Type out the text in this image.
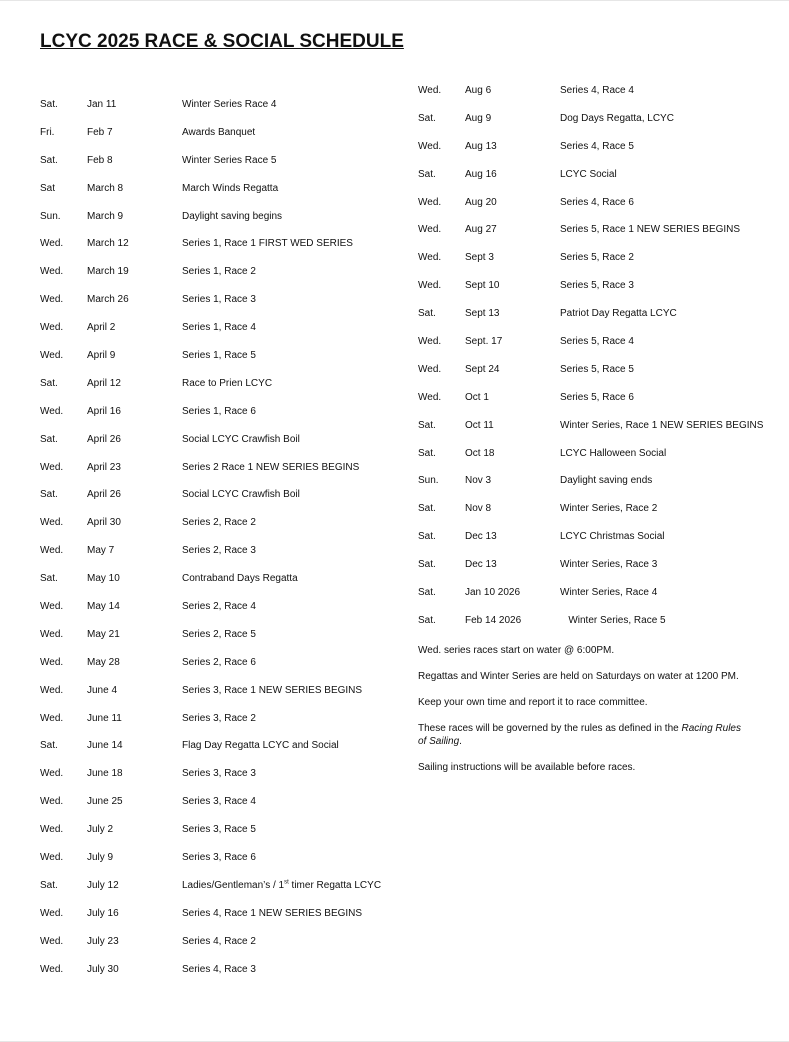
LCYC 2025 RACE & SOCIAL SCHEDULE
Sat.	Jan 11	Winter Series Race 4
Fri.	Feb 7	Awards Banquet
Sat.	Feb 8	Winter Series Race 5
Sat	March 8	March Winds Regatta
Sun.	March 9	Daylight saving begins
Wed. March 12	Series 1, Race 1 FIRST WED SERIES
Wed. March 19	Series 1, Race 2
Wed. March 26	Series 1, Race 3
Wed. April 2	Series 1, Race 4
Wed. April 9	Series 1, Race 5
Sat.	April 12	Race to Prien LCYC
Wed. April 16	Series 1, Race 6
Sat.	April 26	Social LCYC Crawfish Boil
Wed. April 23	Series 2 Race 1 NEW SERIES BEGINS
Sat.	April 26	Social LCYC Crawfish Boil
Wed. April 30	Series 2, Race 2
Wed. May 7	Series 2, Race 3
Sat.	May 10	Contraband Days Regatta
Wed. May 14	Series 2, Race 4
Wed. May 21	Series 2, Race 5
Wed. May 28	Series 2, Race 6
Wed. June 4	Series 3, Race 1 NEW SERIES BEGINS
Wed. June 11	Series 3, Race 2
Sat.	June 14	Flag Day Regatta LCYC and Social
Wed. June 18	Series 3, Race 3
Wed. June 25	Series 3, Race 4
Wed. July 2	Series 3, Race 5
Wed. July 9	Series 3, Race 6
Sat.	July 12	Ladies/Gentleman’s / 1st timer Regatta LCYC
Wed. July 16	Series 4, Race 1 NEW SERIES BEGINS
Wed. July 23	Series 4, Race 2
Wed. July 30	Series 4, Race 3
Wed. Aug 6	Series 4, Race 4
Sat.	Aug 9	Dog Days Regatta, LCYC
Wed. Aug 13	Series 4, Race 5
Sat.	Aug 16	LCYC Social
Wed. Aug 20	Series 4, Race 6
Wed. Aug 27	Series 5, Race 1 NEW SERIES BEGINS
Wed. Sept 3	Series 5, Race 2
Wed. Sept 10	Series 5, Race 3
Sat.	Sept 13	Patriot Day Regatta LCYC
Wed. Sept. 17	Series 5, Race 4
Wed. Sept 24	Series 5, Race 5
Wed. Oct 1	Series 5, Race 6
Sat.	Oct 11	Winter Series, Race 1 NEW SERIES BEGINS
Sat.	Oct 18	LCYC Halloween Social
Sun.	Nov 3	Daylight saving ends
Sat.	Nov 8	Winter Series, Race 2
Sat.	Dec 13	LCYC Christmas Social
Sat.	Dec 13	Winter Series, Race 3
Sat.	Jan 10 2026	Winter Series, Race 4
Sat.	Feb 14 2026	Winter Series, Race 5

Wed. series races start on water @ 6:00PM.

Regattas and Winter Series are held on Saturdays on water at 1200 PM.

Keep your own time and report it to race committee.

These races will be governed by the rules as defined in the Racing Rules of Sailing.

Sailing instructions will be available before races.
